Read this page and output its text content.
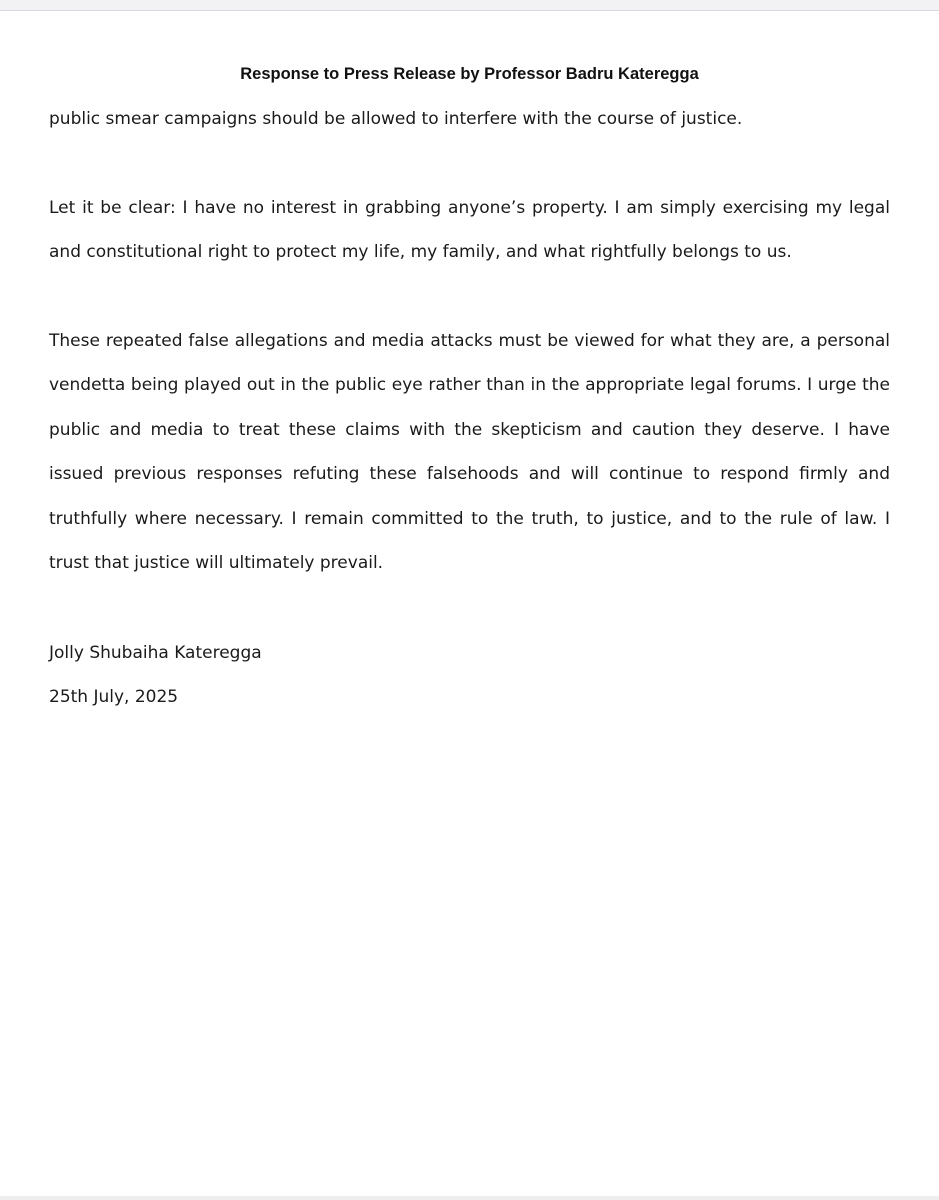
Response to Press Release by Professor Badru Kateregga

public smear campaigns should be allowed to interfere with the course of justice.

Let it be clear: I have no interest in grabbing anyone’s property. I am simply exercising my legal and constitutional right to protect my life, my family, and what rightfully belongs to us.

These repeated false allegations and media attacks must be viewed for what they are, a personal vendetta being played out in the public eye rather than in the appropriate legal forums. I urge the public and media to treat these claims with the skepticism and caution they deserve. I have issued previous responses refuting these falsehoods and will continue to respond firmly and truthfully where necessary. I remain committed to the truth, to justice, and to the rule of law. I trust that justice will ultimately prevail.

Jolly Shubaiha Kateregga

25th July, 2025
